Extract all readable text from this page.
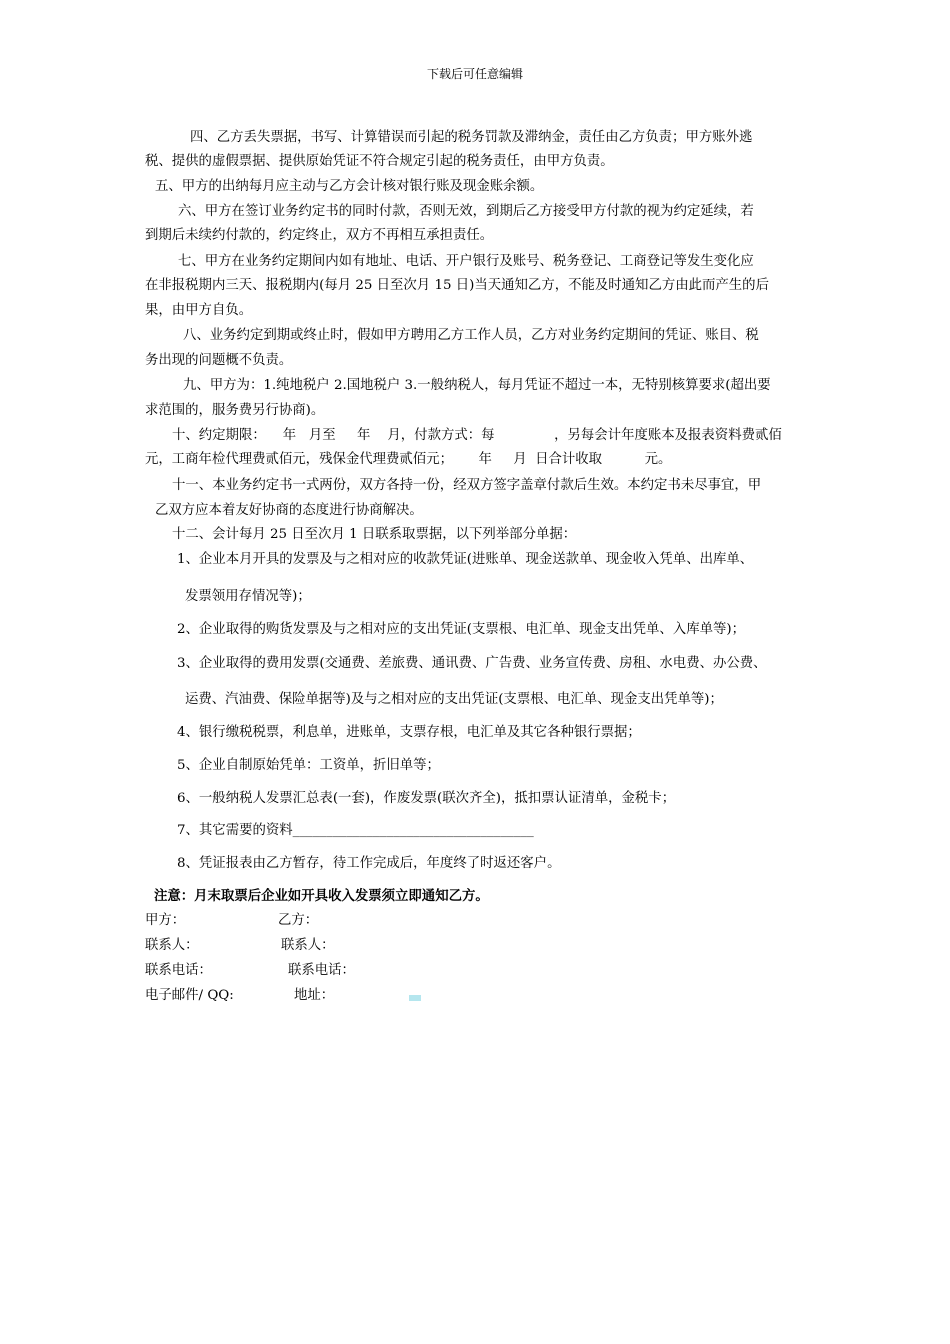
下载后可任意编辑
四、乙方丢失票据，书写、计算错误而引起的税务罚款及滞纳金，责任由乙方负责；甲方账外逃
税、提供的虚假票据、提供原始凭证不符合规定引起的税务责任，由甲方负责。
五、甲方的出纳每月应主动与乙方会计核对银行账及现金账余额。
六、甲方在签订业务约定书的同时付款，否则无效，到期后乙方接受甲方付款的视为约定延续，若
到期后未续约付款的，约定终止，双方不再相互承担责任。
七、甲方在业务约定期间内如有地址、电话、开户银行及账号、税务登记、工商登记等发生变化应
在非报税期内三天、报税期内(每月 25 日至次月 15 日)当天通知乙方，不能及时通知乙方由此而产生的后
果，由甲方自负。
八、业务约定到期或终止时，假如甲方聘用乙方工作人员，乙方对业务约定期间的凭证、账目、税
务出现的问题概不负责。
九、甲方为：1.纯地税户 2.国地税户 3.一般纳税人，每月凭证不超过一本，无特别核算要求(超出要
求范围的，服务费另行协商)。
十、约定期限：    年   月至     年    月，付款方式：每              ，另每会计年度账本及报表资料费贰佰
元，工商年检代理费贰佰元，残保金代理费贰佰元；      年     月  日合计收取          元。
十一、本业务约定书一式两份，双方各持一份，经双方签字盖章付款后生效。本约定书未尽事宜，甲
乙双方应本着友好协商的态度进行协商解决。
十二、会计每月 25 日至次月 1 日联系取票据，以下列举部分单据：
1、企业本月开具的发票及与之相对应的收款凭证(进账单、现金送款单、现金收入凭单、出库单、
发票领用存情况等)；
2、企业取得的购货发票及与之相对应的支出凭证(支票根、电汇单、现金支出凭单、入库单等)；
3、企业取得的费用发票(交通费、差旅费、通讯费、广告费、业务宣传费、房租、水电费、办公费、
运费、汽油费、保险单据等)及与之相对应的支出凭证(支票根、电汇单、现金支出凭单等)；
4、银行缴税税票，利息单，进账单，支票存根，电汇单及其它各种银行票据；
5、企业自制原始凭单：工资单，折旧单等；
6、一般纳税人发票汇总表(一套)，作废发票(联次齐全)，抵扣票认证清单，金税卡；
7、其它需要的资料____________________________________
8、凭证报表由乙方暂存，待工作完成后，年度终了时返还客户。
注意：月末取票后企业如开具收入发票须立即通知乙方。
甲方：	乙方：
联系人：	联系人：
联系电话：	联系电话：
电子邮件/ QQ:	地址：
